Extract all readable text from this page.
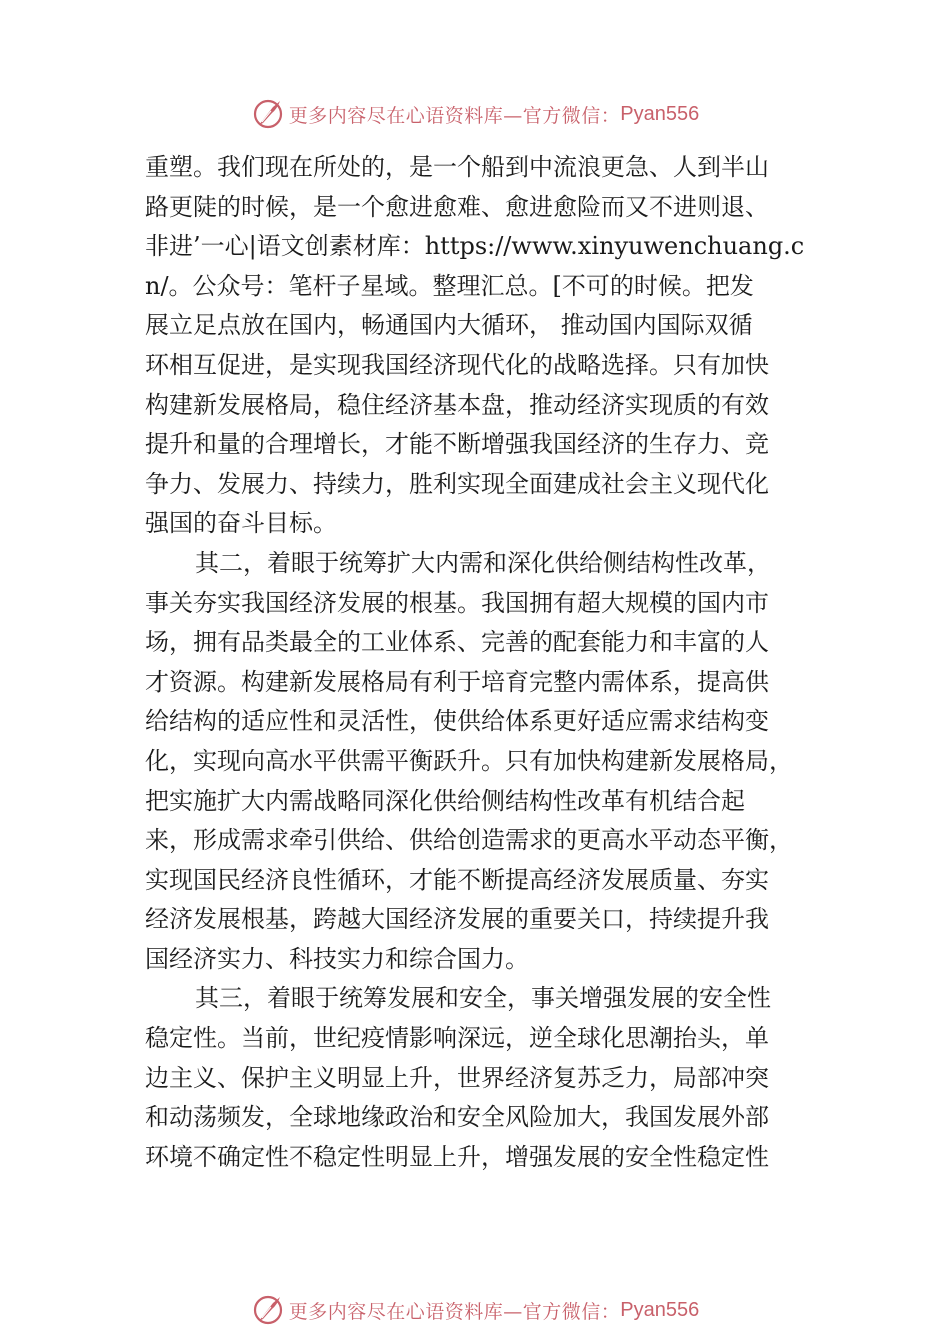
更多内容尽在心语资料库—官方微信： Pyan556
重塑。我们现在所处的，是一个船到中流浪更急、人到半山
路更陡的时候，是一个愈进愈难、愈进愈险而又不进则退、
非进’一心|语文创素材库：https://www.xinyuwenchuang.c
n/。公众号：笔杆子星域。整理汇总。[不可的时候。把发
展立足点放在国内，畅通国内大循环， 推动国内国际双循
环相互促进，是实现我国经济现代化的战略选择。只有加快
构建新发展格局，稳住经济基本盘，推动经济实现质的有效
提升和量的合理增长，才能不断增强我国经济的生存力、竞
争力、发展力、持续力，胜利实现全面建成社会主义现代化
强国的奋斗目标。
其二，着眼于统筹扩大内需和深化供给侧结构性改革，
事关夯实我国经济发展的根基。我国拥有超大规模的国内市
场，拥有品类最全的工业体系、完善的配套能力和丰富的人
才资源。构建新发展格局有利于培育完整内需体系，提高供
给结构的适应性和灵活性，使供给体系更好适应需求结构变
化，实现向高水平供需平衡跃升。只有加快构建新发展格局，
把实施扩大内需战略同深化供给侧结构性改革有机结合起
来，形成需求牵引供给、供给创造需求的更高水平动态平衡，
实现国民经济良性循环，才能不断提高经济发展质量、夯实
经济发展根基，跨越大国经济发展的重要关口，持续提升我
国经济实力、科技实力和综合国力。
其三，着眼于统筹发展和安全，事关增强发展的安全性
稳定性。当前，世纪疫情影响深远，逆全球化思潮抬头，单
边主义、保护主义明显上升，世界经济复苏乏力，局部冲突
和动荡频发，全球地缘政治和安全风险加大，我国发展外部
环境不确定性不稳定性明显上升，增强发展的安全性稳定性
更多内容尽在心语资料库—官方微信： Pyan556
